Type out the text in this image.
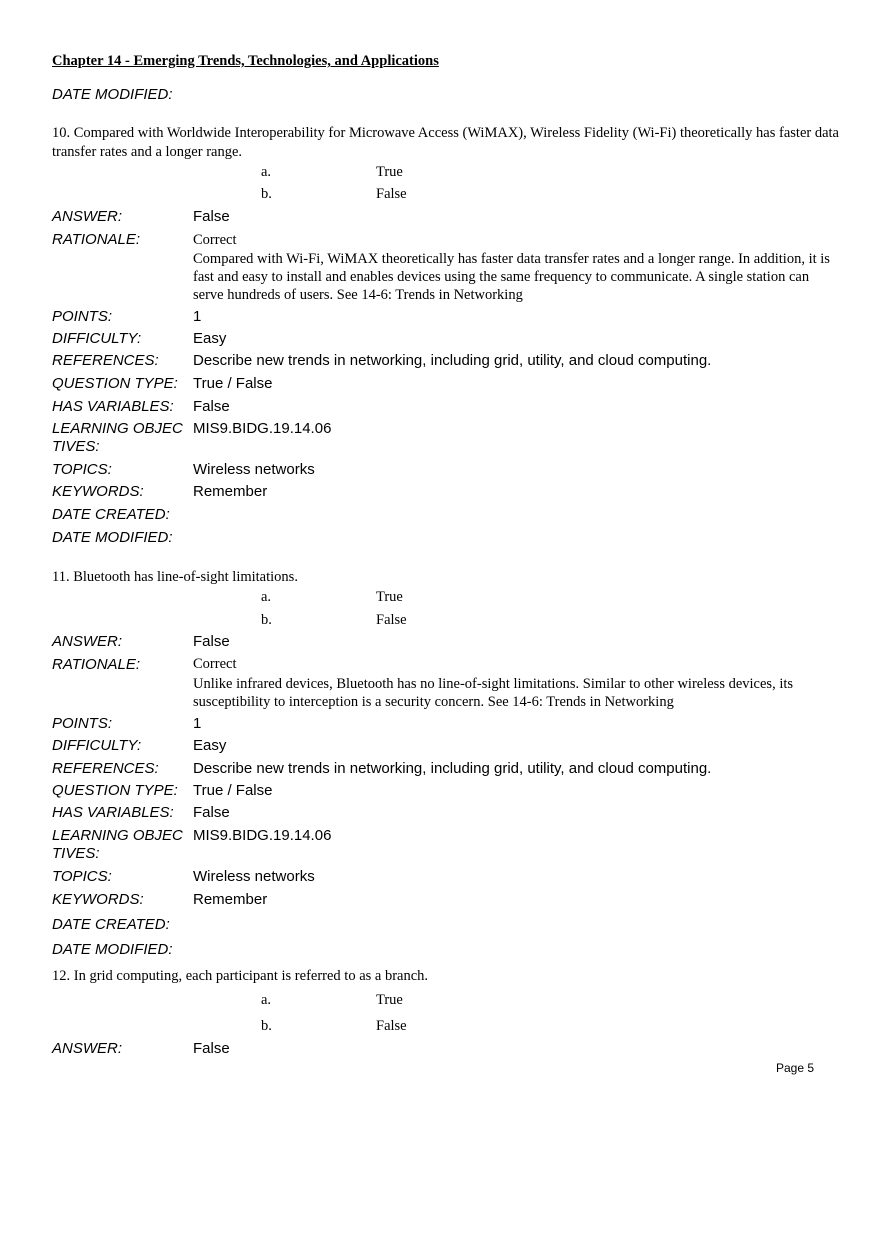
Chapter 14 - Emerging Trends, Technologies, and Applications
DATE MODIFIED:
10. Compared with Worldwide Interoperability for Microwave Access (WiMAX), Wireless Fidelity (Wi-Fi) theoretically has faster data transfer rates and a longer range.
a.	True
b.	False
ANSWER:	False
RATIONALE:	Correct
Compared with Wi-Fi, WiMAX theoretically has faster data transfer rates and a longer range. In addition, it is fast and easy to install and enables devices using the same frequency to communicate. A single station can serve hundreds of users. See 14-6: Trends in Networking
POINTS:	1
DIFFICULTY:	Easy
REFERENCES: Describe new trends in networking, including grid, utility, and cloud computing.
QUESTION TYPE: True / False
HAS VARIABLES: False
LEARNING OBJEC
TIVES:
MIS9.BIDG.19.14.06
TOPICS:	Wireless networks
KEYWORDS:	Remember
DATE CREATED:
DATE MODIFIED:
11. Bluetooth has line-of-sight limitations.
a.	True
b.	False
ANSWER:	False
RATIONALE:	Correct
Unlike infrared devices, Bluetooth has no line-of-sight limitations. Similar to other wireless devices, its susceptibility to interception is a security concern. See 14-6: Trends in Networking
POINTS:	1
DIFFICULTY:	Easy
REFERENCES: Describe new trends in networking, including grid, utility, and cloud computing.
QUESTION TYPE: True / False
HAS VARIABLES: False
LEARNING OBJEC
TIVES:
MIS9.BIDG.19.14.06
TOPICS:	Wireless networks
KEYWORDS:	Remember
DATE CREATED:
DATE MODIFIED:
12. In grid computing, each participant is referred to as a branch.
a.	True
b.	False
ANSWER:	False
Page 5
